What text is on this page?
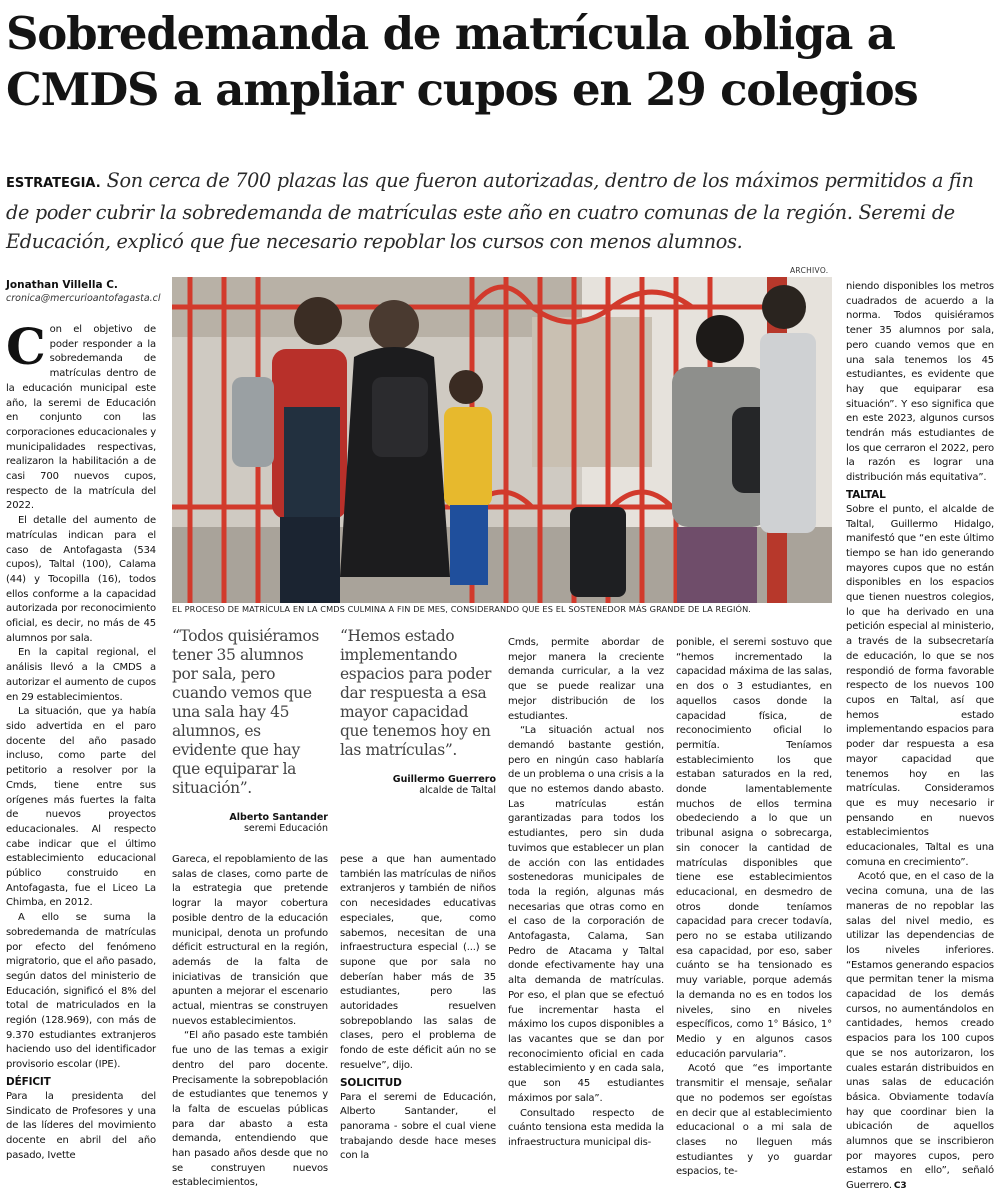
Sobredemanda de matrícula obliga a CMDS a ampliar cupos en 29 colegios

ESTRATEGIA. Son cerca de 700 plazas las que fueron autorizadas, dentro de los máximos permitidos a fin de poder cubrir la sobredemanda de matrículas este año en cuatro comunas de la región. Seremi de Educación, explicó que fue necesario repoblar los cursos con menos alumnos.

Jonathan Villella C.
cronica@mercurioantofagasta.cl

Con el objetivo de poder responder a la sobredemanda de matrículas dentro de la educación municipal este año, la seremi de Educación en conjunto con las corporaciones educacionales y municipalidades respectivas, realizaron la habilitación a de casi 700 nuevos cupos, respecto de la matrícula del 2022.

El detalle del aumento de matrículas indican para el caso de Antofagasta (534 cupos), Taltal (100), Calama (44) y Tocopilla (16), todos ellos conforme a la capacidad autorizada por reconocimiento oficial, es decir, no más de 45 alumnos por sala.

En la capital regional, el análisis llevó a la CMDS a autorizar el aumento de cupos en 29 establecimientos.

La situación, que ya había sido advertida en el paro docente del año pasado incluso, como parte del petitorio a resolver por la Cmds, tiene entre sus orígenes más fuertes la falta de nuevos proyectos educacionales. Al respecto cabe indicar que el último establecimiento educacional público construido en Antofagasta, fue el Liceo La Chimba, en 2012.

A ello se suma la sobredemanda de matrículas por efecto del fenómeno migratorio, que el año pasado, según datos del ministerio de Educación, significó el 8% del total de matriculados en la región (128.969), con más de 9.370 estudiantes extranjeros haciendo uso del identificador provisorio escolar (IPE).

DÉFICIT

Para la presidenta del Sindicato de Profesores y una de las líderes del movimiento docente en abril del año pasado, Ivette

ARCHIVO.
EL PROCESO DE MATRÍCULA EN LA CMDS CULMINA A FIN DE MES, CONSIDERANDO QUE ES EL SOSTENEDOR MÁS GRANDE DE LA REGIÓN.

“Todos quisiéramos tener 35 alumnos por sala, pero cuando vemos que una sala hay 45 alumnos, es evidente que hay que equiparar la situación”.

Alberto Santander
seremi Educación

“Hemos estado implementando espacios para poder dar respuesta a esa mayor capacidad que tenemos hoy en las matrículas”.

Guillermo Guerrero
alcalde de Taltal

Gareca, el repoblamiento de las salas de clases, como parte de la estrategia que pretende lograr la mayor cobertura posible dentro de la educación municipal, denota un profundo déficit estructural en la región, además de la falta de iniciativas de transición que apunten a mejorar el escenario actual, mientras se construyen nuevos establecimientos.

“El año pasado este también fue uno de las temas a exigir dentro del paro docente. Precisamente la sobrepoblación de estudiantes que tenemos y la falta de escuelas públicas para dar abasto a esta demanda, entendiendo que han pasado años desde que no se construyen nuevos establecimientos,

pese a que han aumentado también las matrículas de niños extranjeros y también de niños con necesidades educativas especiales, que, como sabemos, necesitan de una infraestructura especial (...) se supone que por sala no deberían haber más de 35 estudiantes, pero las autoridades resuelven sobrepoblando las salas de clases, pero el problema de fondo de este déficit aún no se resuelve”, dijo.

SOLICITUD

Para el seremi de Educación, Alberto Santander, el panorama - sobre el cual viene trabajando desde hace meses con la

Cmds, permite abordar de mejor manera la creciente demanda curricular, a la vez que se puede realizar una mejor distribución de los estudiantes.

“La situación actual nos demandó bastante gestión, pero en ningún caso hablaría de un problema o una crisis a la que no estemos dando abasto. Las matrículas están garantizadas para todos los estudiantes, pero sin duda tuvimos que establecer un plan de acción con las entidades sostenedoras municipales de toda la región, algunas más necesarias que otras como en el caso de la corporación de Antofagasta, Calama, San Pedro de Atacama y Taltal donde efectivamente hay una alta demanda de matrículas. Por eso, el plan que se efectuó fue incrementar hasta el máximo los cupos disponibles a las vacantes que se dan por reconocimiento oficial en cada establecimiento y en cada sala, que son 45 estudiantes máximos por sala”.

Consultado respecto de cuánto tensiona esta medida la infraestructura municipal dis-

ponible, el seremi sostuvo que “hemos incrementado la capacidad máxima de las salas, en dos o 3 estudiantes, en aquellos casos donde la capacidad física, de reconocimiento oficial lo permitía. Teníamos establecimiento los que estaban saturados en la red, donde lamentablemente muchos de ellos termina obedeciendo a lo que un tribunal asigna o sobrecarga, sin conocer la cantidad de matrículas disponibles que tiene ese establecimientos educacional, en desmedro de otros donde teníamos capacidad para crecer todavía, pero no se estaba utilizando esa capacidad, por eso, saber cuánto se ha tensionado es muy variable, porque además la demanda no es en todos los niveles, sino en niveles específicos, como 1° Básico, 1° Medio y en algunos casos educación parvularia”.

Acotó que “es importante transmitir el mensaje, señalar que no podemos ser egoístas en decir que al establecimiento educacional o a mi sala de clases no lleguen más estudiantes y yo guardar espacios, te-

niendo disponibles los metros cuadrados de acuerdo a la norma. Todos quisiéramos tener 35 alumnos por sala, pero cuando vemos que en una sala tenemos los 45 estudiantes, es evidente que hay que equiparar esa situación”. Y eso significa que en este 2023, algunos cursos tendrán más estudiantes de los que cerraron el 2022, pero la razón es lograr una distribución más equitativa”.

TALTAL

Sobre el punto, el alcalde de Taltal, Guillermo Hidalgo, manifestó que “en este último tiempo se han ido generando mayores cupos que no están disponibles en los espacios que tienen nuestros colegios, lo que ha derivado en una petición especial al ministerio, a través de la subsecretaría de educación, lo que se nos respondió de forma favorable respecto de los nuevos 100 cupos en Taltal, así que hemos estado implementando espacios para poder dar respuesta a esa mayor capacidad que tenemos hoy en las matrículas. Consideramos que es muy necesario ir pensando en nuevos establecimientos educacionales, Taltal es una comuna en crecimiento”.

Acotó que, en el caso de la vecina comuna, una de las maneras de no repoblar las salas del nivel medio, es utilizar las dependencias de los niveles inferiores. “Estamos generando espacios que permitan tener la misma capacidad de los demás cursos, no aumentándolos en cantidades, hemos creado espacios para los 100 cupos que se nos autorizaron, los cuales estarán distribuidos en unas salas de educación básica. Obviamente todavía hay que coordinar bien la ubicación de aquellos alumnos que se inscribieron por mayores cupos, pero estamos en ello”, señaló Guerrero. C3
